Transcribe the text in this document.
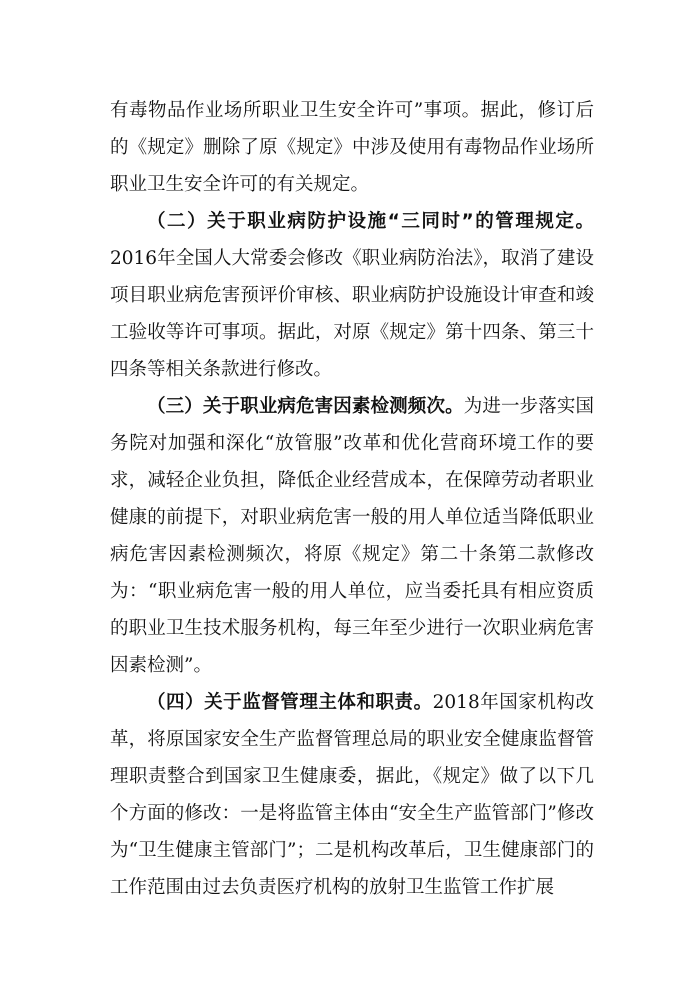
有毒物品作业场所职业卫生安全许可”事项。据此，修订后的《规定》删除了原《规定》中涉及使用有毒物品作业场所职业卫生安全许可的有关规定。

（二）关于职业病防护设施“三同时”的管理规定。2016年全国人大常委会修改《职业病防治法》，取消了建设项目职业病危害预评价审核、职业病防护设施设计审查和竣工验收等许可事项。据此，对原《规定》第十四条、第三十四条等相关条款进行修改。

（三）关于职业病危害因素检测频次。为进一步落实国务院对加强和深化“放管服”改革和优化营商环境工作的要求，减轻企业负担，降低企业经营成本，在保障劳动者职业健康的前提下，对职业病危害一般的用人单位适当降低职业病危害因素检测频次，将原《规定》第二十条第二款修改为：“职业病危害一般的用人单位，应当委托具有相应资质的职业卫生技术服务机构，每三年至少进行一次职业病危害因素检测”。

（四）关于监督管理主体和职责。2018年国家机构改革，将原国家安全生产监督管理总局的职业安全健康监督管理职责整合到国家卫生健康委，据此，《规定》做了以下几个方面的修改：一是将监管主体由“安全生产监管部门”修改为“卫生健康主管部门”；二是机构改革后，卫生健康部门的工作范围由过去负责医疗机构的放射卫生监管工作扩展
